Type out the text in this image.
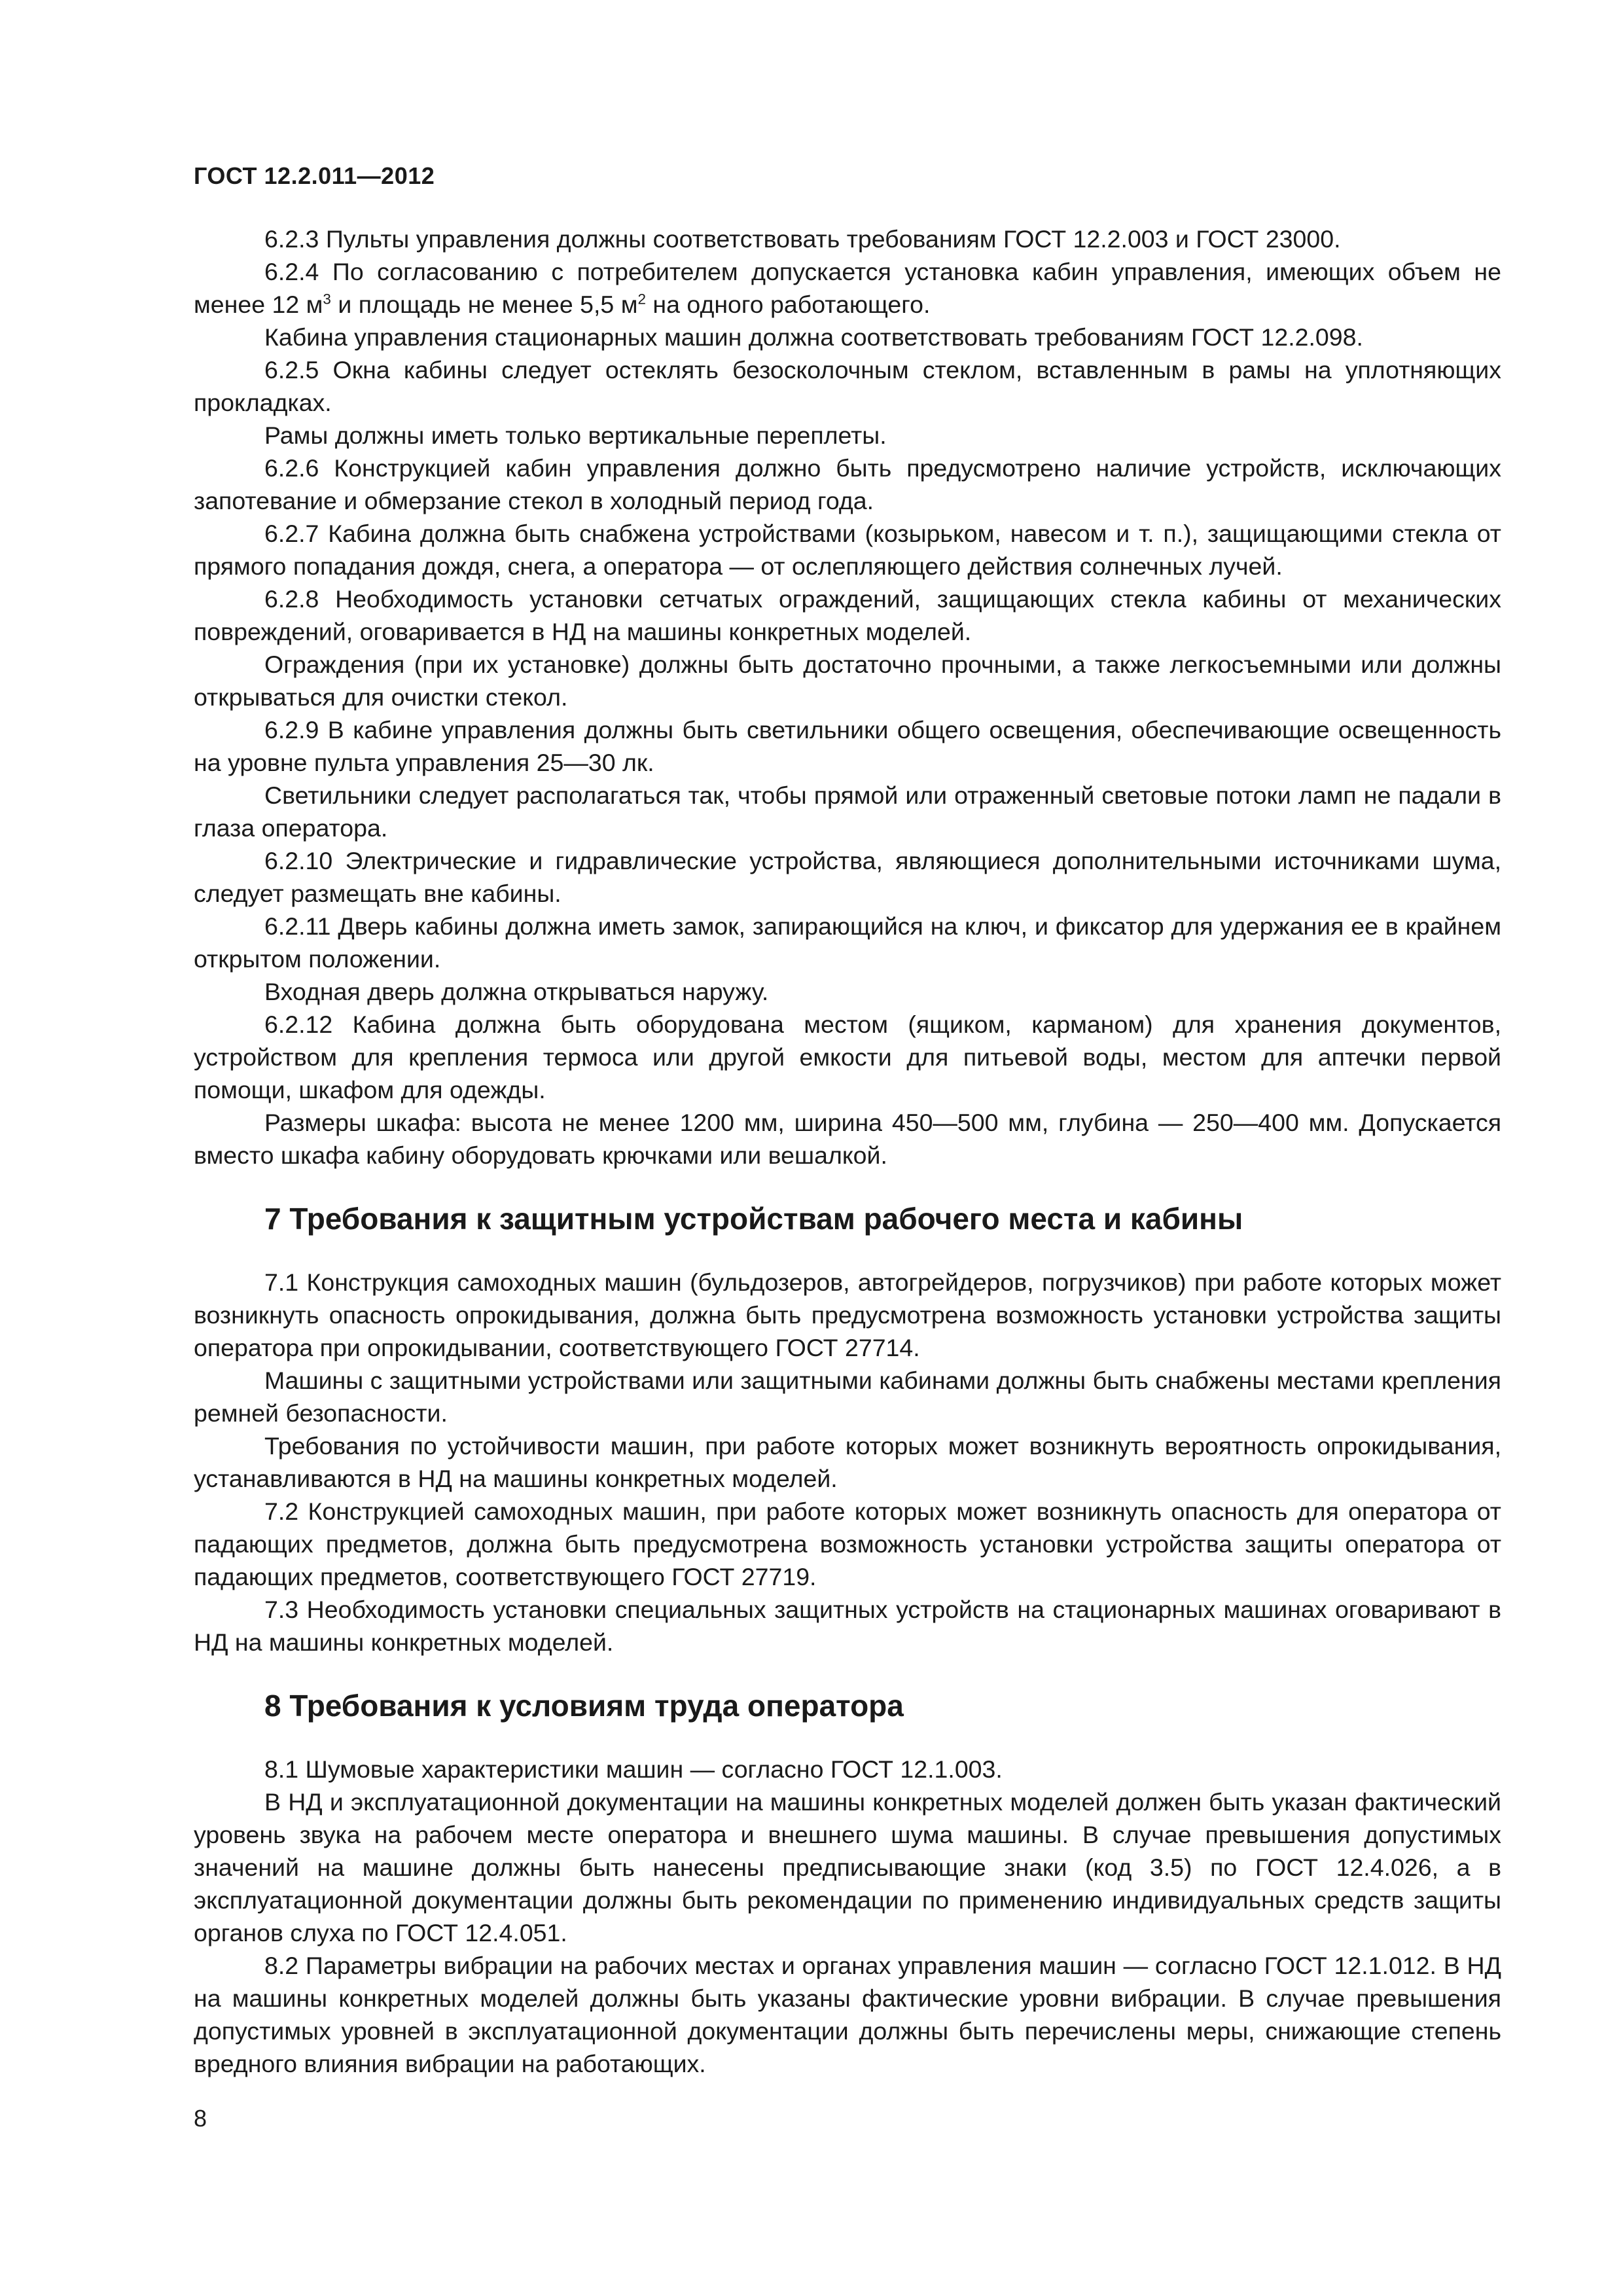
ГОСТ 12.2.011—2012

6.2.3 Пульты управления должны соответствовать требованиям ГОСТ 12.2.003 и ГОСТ 23000.

6.2.4 По согласованию с потребителем допускается установка кабин управления, имеющих объем не менее 12 $м^3$ и площадь не менее 5,5 $м^2$ на одного работающего.

Кабина управления стационарных машин должна соответствовать требованиям ГОСТ 12.2.098.

6.2.5 Окна кабины следует остеклять безосколочным стеклом, вставленным в рамы на уплотняющих прокладках.

Рамы должны иметь только вертикальные переплеты.

6.2.6 Конструкцией кабин управления должно быть предусмотрено наличие устройств, исключающих запотевание и обмерзание стекол в холодный период года.

6.2.7 Кабина должна быть снабжена устройствами (козырьком, навесом и т. п.), защищающими стекла от прямого попадания дождя, снега, а оператора — от ослепляющего действия солнечных лучей.

6.2.8 Необходимость установки сетчатых ограждений, защищающих стекла кабины от механических повреждений, оговаривается в НД на машины конкретных моделей.

Ограждения (при их установке) должны быть достаточно прочными, а также легкосъемными или должны открываться для очистки стекол.

6.2.9 В кабине управления должны быть светильники общего освещения, обеспечивающие освещенность на уровне пульта управления 25—30 лк.

Светильники следует располагаться так, чтобы прямой или отраженный световые потоки ламп не падали в глаза оператора.

6.2.10 Электрические и гидравлические устройства, являющиеся дополнительными источниками шума, следует размещать вне кабины.

6.2.11 Дверь кабины должна иметь замок, запирающийся на ключ, и фиксатор для удержания ее в крайнем открытом положении.

Входная дверь должна открываться наружу.

6.2.12 Кабина должна быть оборудована местом (ящиком, карманом) для хранения документов, устройством для крепления термоса или другой емкости для питьевой воды, местом для аптечки первой помощи, шкафом для одежды.

Размеры шкафа: высота не менее 1200 мм, ширина 450—500 мм, глубина — 250—400 мм. Допускается вместо шкафа кабину оборудовать крючками или вешалкой.

7 Требования к защитным устройствам рабочего места и кабины

7.1 Конструкция самоходных машин (бульдозеров, автогрейдеров, погрузчиков) при работе которых может возникнуть опасность опрокидывания, должна быть предусмотрена возможность установки устройства защиты оператора при опрокидывании, соответствующего ГОСТ 27714.

Машины с защитными устройствами или защитными кабинами должны быть снабжены местами крепления ремней безопасности.

Требования по устойчивости машин, при работе которых может возникнуть вероятность опрокидывания, устанавливаются в НД на машины конкретных моделей.

7.2 Конструкцией самоходных машин, при работе которых может возникнуть опасность для оператора от падающих предметов, должна быть предусмотрена возможность установки устройства защиты оператора от падающих предметов, соответствующего ГОСТ 27719.

7.3 Необходимость установки специальных защитных устройств на стационарных машинах оговаривают в НД на машины конкретных моделей.

8 Требования к условиям труда оператора

8.1 Шумовые характеристики машин — согласно ГОСТ 12.1.003.

В НД и эксплуатационной документации на машины конкретных моделей должен быть указан фактический уровень звука на рабочем месте оператора и внешнего шума машины. В случае превышения допустимых значений на машине должны быть нанесены предписывающие знаки (код 3.5) по ГОСТ 12.4.026, а в эксплуатационной документации должны быть рекомендации по применению индивидуальных средств защиты органов слуха по ГОСТ 12.4.051.

8.2 Параметры вибрации на рабочих местах и органах управления машин — согласно ГОСТ 12.1.012. В НД на машины конкретных моделей должны быть указаны фактические уровни вибрации. В случае превышения допустимых уровней в эксплуатационной документации должны быть перечислены меры, снижающие степень вредного влияния вибрации на работающих.

8
